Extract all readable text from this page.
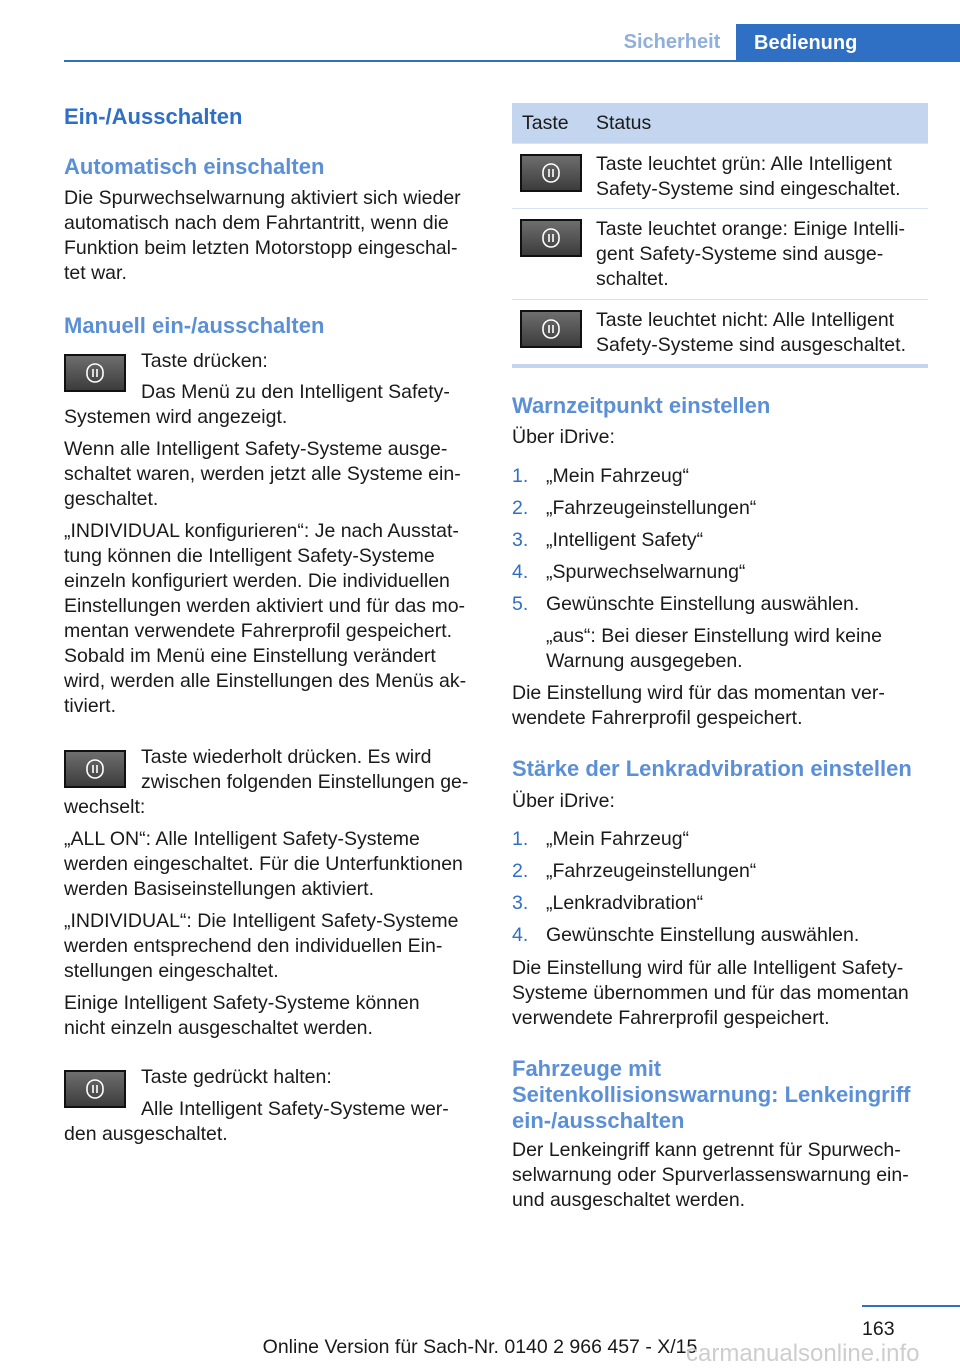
Sicherheit	Bedienung
Ein-/Ausschalten
Automatisch einschalten

Die Spurwechselwarnung aktiviert sich wieder

automatisch nach dem Fahrtantritt, wenn die

Funktion beim letzten Motorstopp eingeschal-

tet war.

Manuell ein-/ausschalten
Taste drücken:
Das Menü zu den Intelligent Safety-
Systemen wird angezeigt.

Wenn alle Intelligent Safety-Systeme ausge-

schaltet waren, werden jetzt alle Systeme ein-

geschaltet.

„INDIVIDUAL konfigurieren“: Je nach Ausstat-

tung können die Intelligent Safety-Systeme

einzeln konfiguriert werden. Die individuellen

Einstellungen werden aktiviert und für das mo-

mentan verwendete Fahrerprofil gespeichert.

Sobald im Menü eine Einstellung verändert

wird, werden alle Einstellungen des Menüs ak-

tiviert.

Taste wiederholt drücken. Es wird
zwischen folgenden Einstellungen ge-
wechselt:

„ALL ON“: Alle Intelligent Safety-Systeme

werden eingeschaltet. Für die Unterfunktionen

werden Basiseinstellungen aktiviert.

„INDIVIDUAL“: Die Intelligent Safety-Systeme

werden entsprechend den individuellen Ein-

stellungen eingeschaltet.

Einige Intelligent Safety-Systeme können

nicht einzeln ausgeschaltet werden.

Taste gedrückt halten:
Alle Intelligent Safety-Systeme wer-
den ausgeschaltet.
Taste Status
Taste leuchtet grün: Alle Intelligent
Safety-Systeme sind eingeschaltet.
Taste leuchtet orange: Einige Intelli-
gent Safety-Systeme sind ausge-
schaltet.
Taste leuchtet nicht: Alle Intelligent
Safety-Systeme sind ausgeschaltet.
Warnzeitpunkt einstellen
Über iDrive:
1. „Mein Fahrzeug“
2. „Fahrzeugeinstellungen“
3. „Intelligent Safety“
4. „Spurwechselwarnung“
5. Gewünschte Einstellung auswählen.

„aus“: Bei dieser Einstellung wird keine

Warnung ausgegeben.

Die Einstellung wird für das momentan ver-

wendete Fahrerprofil gespeichert.

Stärke der Lenkradvibration einstellen
Über iDrive:
1. „Mein Fahrzeug“
2. „Fahrzeugeinstellungen“
3. „Lenkradvibration“
4. Gewünschte Einstellung auswählen.

Die Einstellung wird für alle Intelligent Safety-

Systeme übernommen und für das momentan

verwendete Fahrerprofil gespeichert.

Fahrzeuge mit
Seitenkollisionswarnung: Lenkeingriff
ein-/ausschalten

Der Lenkeingriff kann getrennt für Spurwech-

selwarnung oder Spurverlassenswarnung ein-

und ausgeschaltet werden.

163
Online Version für Sach-Nr. 0140 2 966 457 - X/15
carmanualsonline.info
